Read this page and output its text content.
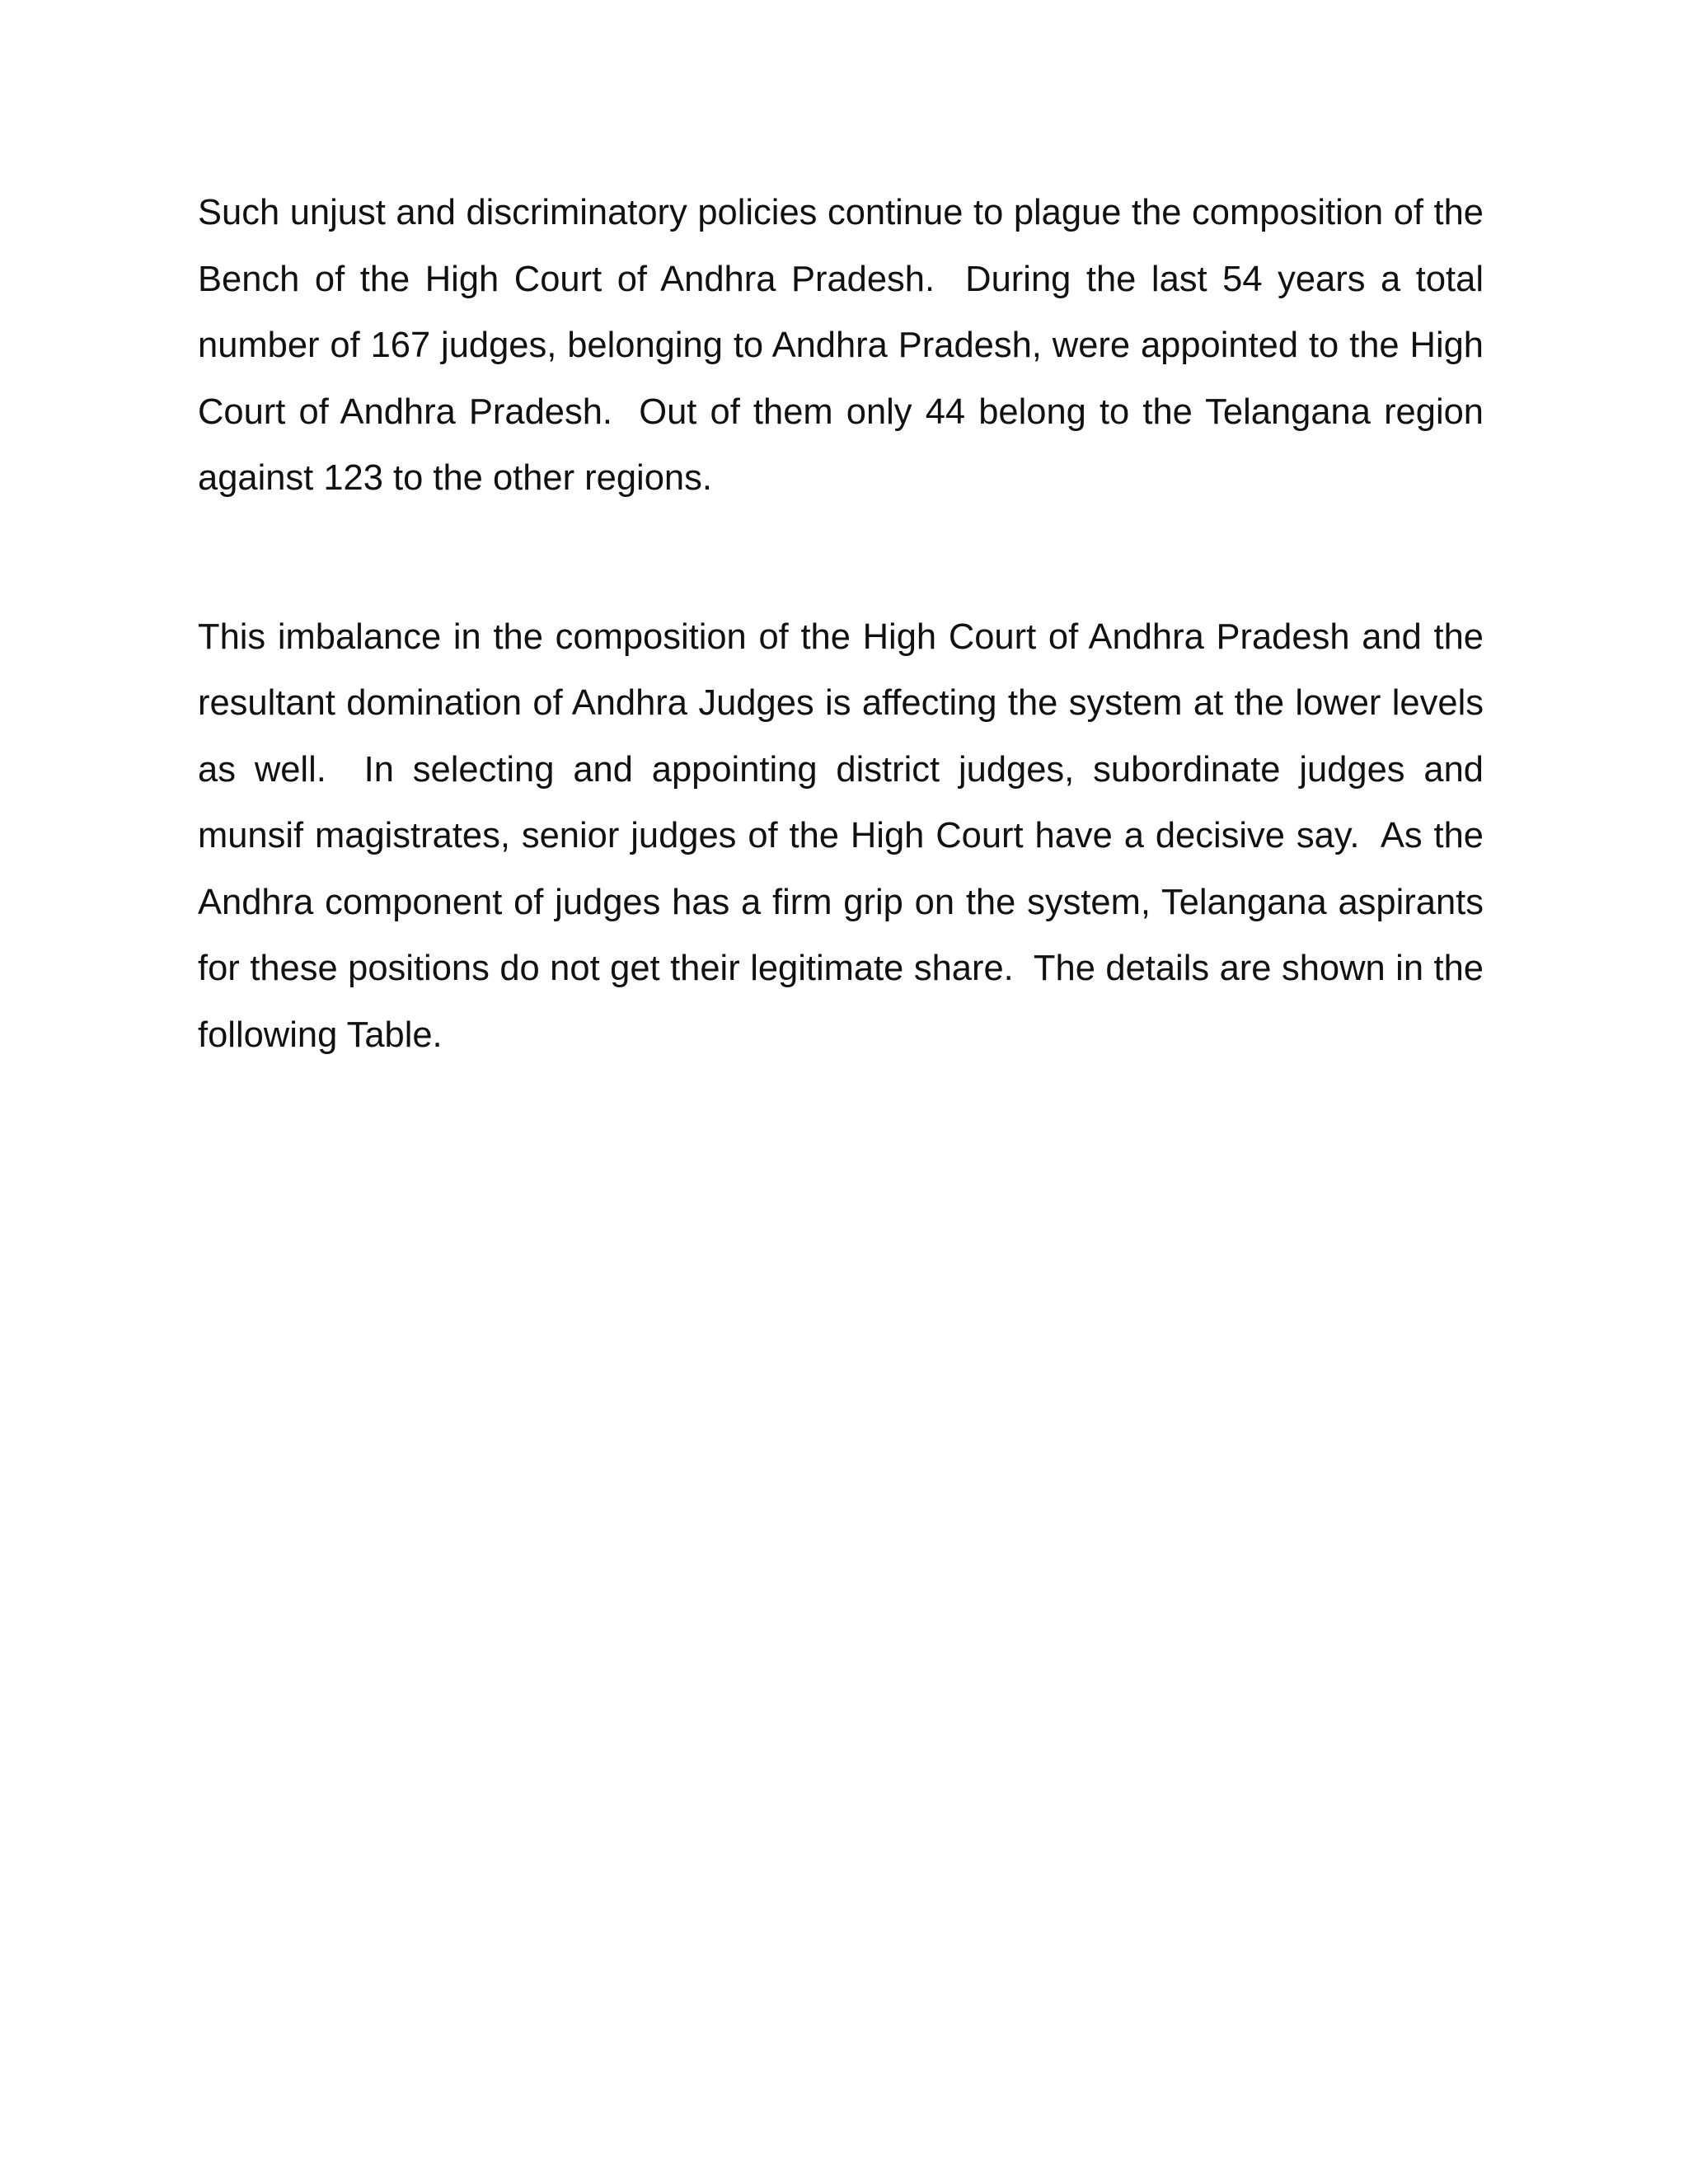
Such unjust and discriminatory policies continue to plague the composition of the Bench of the High Court of Andhra Pradesh.  During the last 54 years a total number of 167 judges, belonging to Andhra Pradesh, were appointed to the High Court of Andhra Pradesh.  Out of them only 44 belong to the Telangana region against 123 to the other regions.

This imbalance in the composition of the High Court of Andhra Pradesh and the resultant domination of Andhra Judges is affecting the system at the lower levels as well.  In selecting and appointing district judges, subordinate judges and munsif magistrates, senior judges of the High Court have a decisive say.  As the Andhra component of judges has a firm grip on the system, Telangana aspirants for these positions do not get their legitimate share.  The details are shown in the following Table.
